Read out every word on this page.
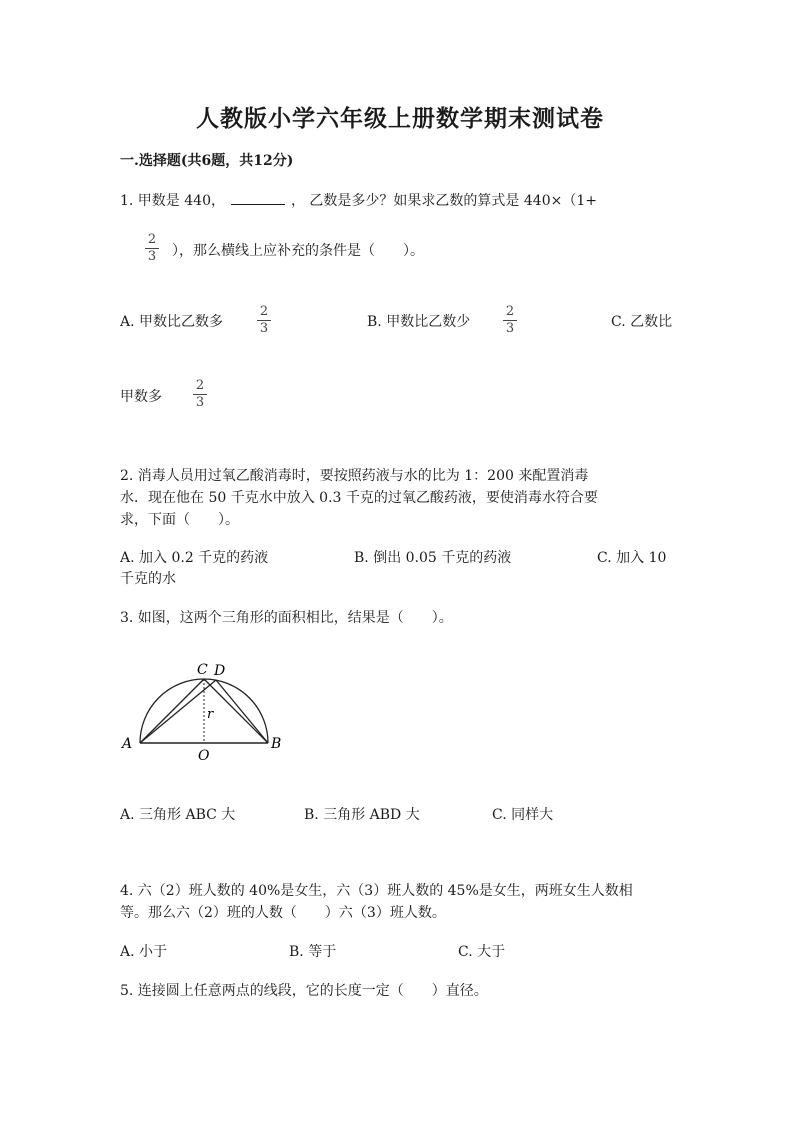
人教版小学六年级上册数学期末测试卷
一.选择题(共6题，共12分)
1. 甲数是 440，	， 乙数是多少？如果求乙数的算式是 440×（1+
2
3 ），那么横线上应补充的条件是（　　）。
A. 甲数比乙数多
2
3	B. 甲数比乙数少
2
3	C. 乙数比
甲数多
2
3
2. 消毒人员用过氧乙酸消毒时，要按照药液与水的比为 1：200 来配置消毒
水．现在他在 50 千克水中放入 0.3 千克的过氧乙酸药液，要使消毒水符合要
求，下面（　　）。
A. 加入 0.2 千克的药液	B. 倒出 0.05 千克的药液	C. 加入 10
千克的水
3. 如图，这两个三角形的面积相比，结果是（　　）。
C D
A	B
O
r
A. 三角形 ABC 大	B. 三角形 ABD 大	C. 同样大
4. 六（2）班人数的 40%是女生，六（3）班人数的 45%是女生，两班女生人数相
等。那么六（2）班的人数（　　）六（3）班人数。
A. 小于	B. 等于	C. 大于
5. 连接圆上任意两点的线段，它的长度一定（　　）直径。
